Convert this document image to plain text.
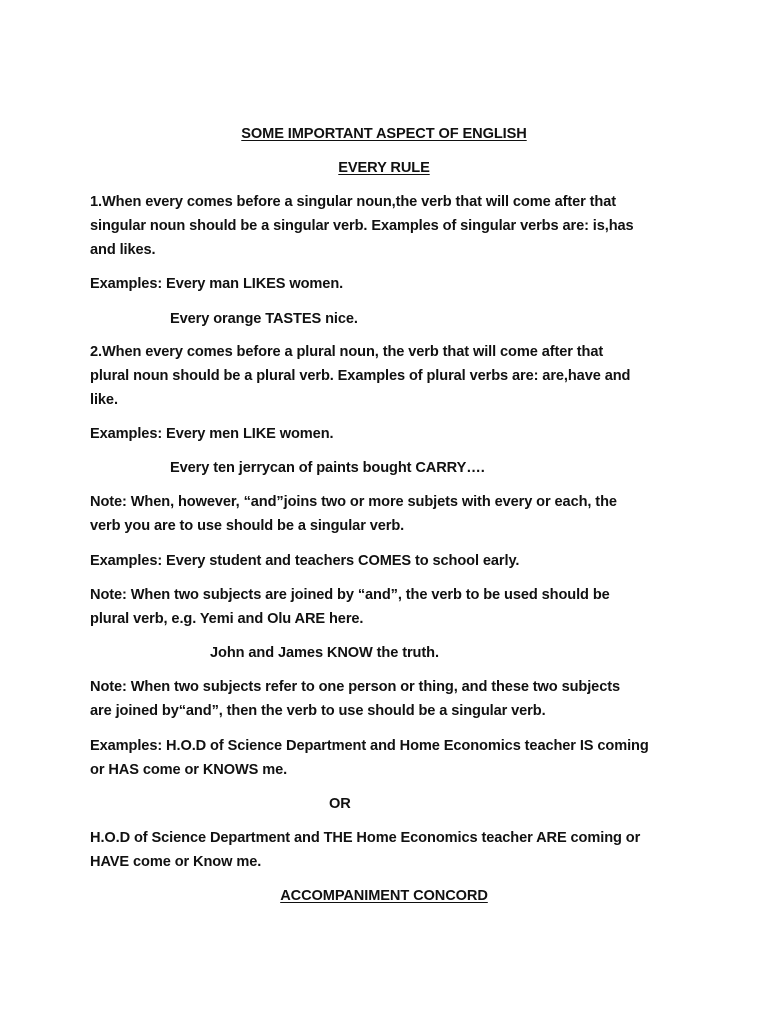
SOME IMPORTANT ASPECT OF ENGLISH
EVERY RULE
1.When every comes before a singular noun,the verb that will come after that
singular noun should be a singular verb. Examples of singular verbs are: is,has
and likes.
Examples: Every man LIKES women.
Every orange TASTES nice.
2.When every comes before a plural noun, the verb that will come after that
plural noun should be a plural verb. Examples of plural verbs are: are,have and
like.
Examples: Every men LIKE women.
Every ten jerrycan of paints bought CARRY….
Note: When, however, “and”joins two or more subjets with every or each, the
verb you are to use should be a singular verb.
Examples: Every student and teachers COMES to school early.
Note: When two subjects are joined by “and”, the verb to be used should be
plural verb, e.g. Yemi and Olu ARE here.
John and James KNOW the truth.
Note: When two subjects refer to one person or thing, and these two subjects
are joined by“and”, then the verb to use should be a singular verb.
Examples: H.O.D of Science Department and Home Economics teacher IS coming
or HAS come or KNOWS me.
OR
H.O.D of Science Department and THE Home Economics teacher ARE coming or
HAVE come or Know me.
ACCOMPANIMENT CONCORD
